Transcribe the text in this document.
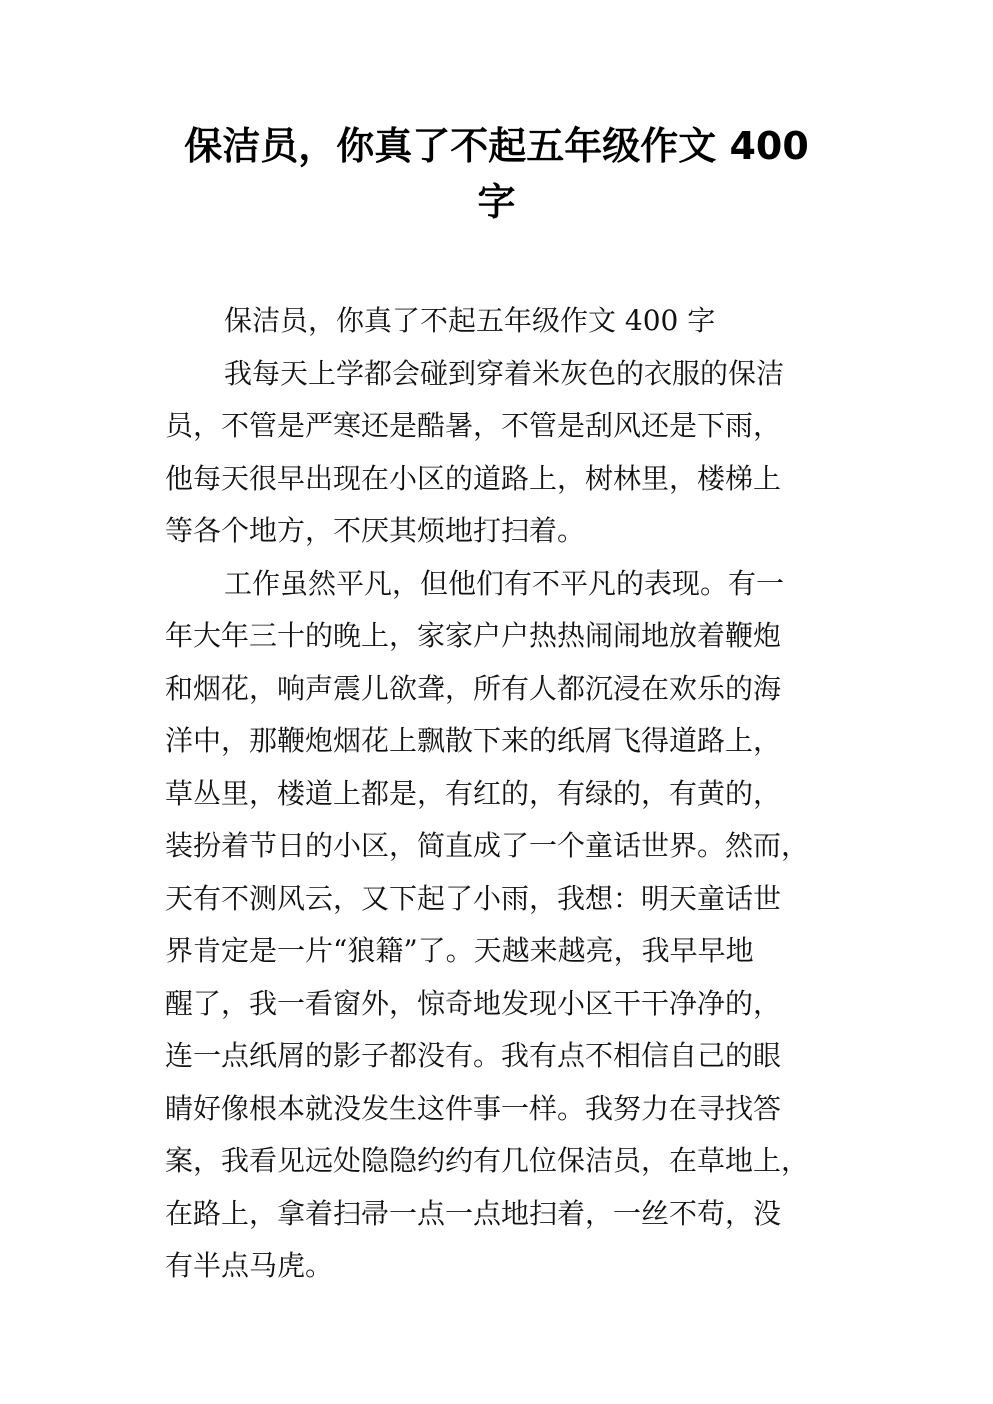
保洁员，你真了不起五年级作文 400
字
保洁员，你真了不起五年级作文 400 字
我每天上学都会碰到穿着米灰色的衣服的保洁
员，不管是严寒还是酷暑，不管是刮风还是下雨，
他每天很早出现在小区的道路上，树林里，楼梯上
等各个地方，不厌其烦地打扫着。
工作虽然平凡，但他们有不平凡的表现。有一
年大年三十的晚上，家家户户热热闹闹地放着鞭炮
和烟花，响声震儿欲聋，所有人都沉浸在欢乐的海
洋中，那鞭炮烟花上飘散下来的纸屑飞得道路上，
草丛里，楼道上都是，有红的，有绿的，有黄的，
装扮着节日的小区，简直成了一个童话世界。然而，
天有不测风云，又下起了小雨，我想：明天童话世
界肯定是一片“狼籍”了。天越来越亮，我早早地
醒了，我一看窗外，惊奇地发现小区干干净净的，
连一点纸屑的影子都没有。我有点不相信自己的眼
睛好像根本就没发生这件事一样。我努力在寻找答
案，我看见远处隐隐约约有几位保洁员，在草地上，
在路上，拿着扫帚一点一点地扫着，一丝不苟，没
有半点马虎。
